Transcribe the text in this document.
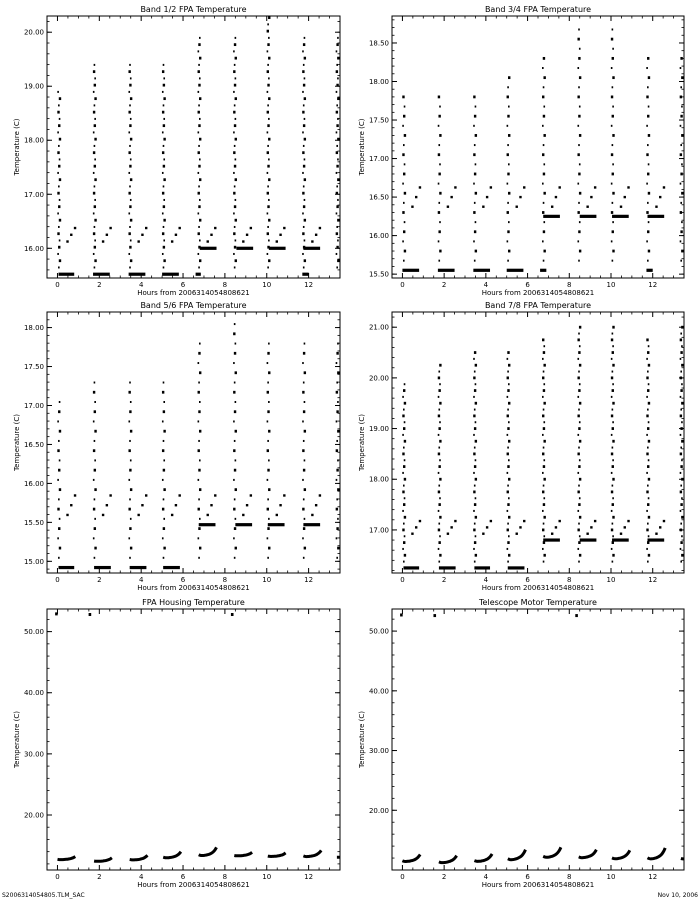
Band 1/2 FPA Temperature
0	2	4	6	8	10	12
16.00
17.00
18.00
19.00
20.00
Hours from 2006314054808621
Temperature (C)
Band 3/4 FPA Temperature
0	2	4	6	8	10	12
15.50
16.00
16.50
17.00
17.50
18.00
18.50
Hours from 2006314054808621
Temperature (C)
Band 5/6 FPA Temperature
0	2	4	6	8	10	12
15.00
15.50
16.00
16.50
17.00
17.50
18.00
Hours from 2006314054808621
Temperature (C)
Band 7/8 FPA Temperature
0	2	4	6	8	10	12
17.00
18.00
19.00
20.00
21.00
Hours from 2006314054808621
Temperature (C)
FPA Housing Temperature
0	2	4	6	8	10	12
20.00
30.00
40.00
50.00
Hours from 2006314054808621
Temperature (C)
Telescope Motor Temperature
0	2	4	6	8	10	12
20.00
30.00
40.00
50.00
Hours from 2006314054808621
Temperature (C)
S2006314054805.TLM_SAC	Nov 10, 2006
